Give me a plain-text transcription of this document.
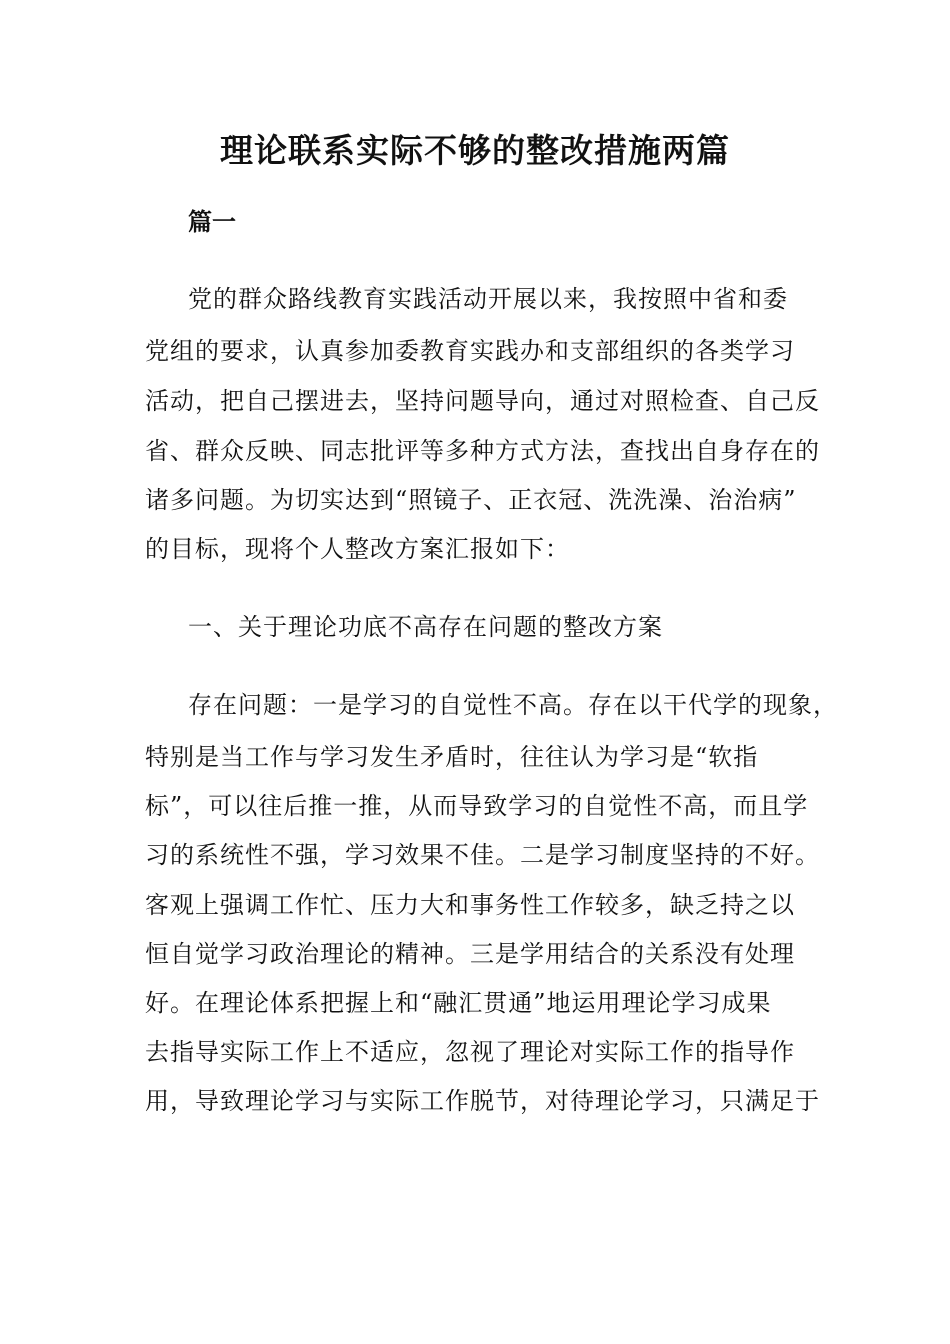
理论联系实际不够的整改措施两篇
篇一
党的群众路线教育实践活动开展以来，我按照中省和委
党组的要求，认真参加委教育实践办和支部组织的各类学习
活动，把自己摆进去，坚持问题导向，通过对照检查、自己反
省、群众反映、同志批评等多种方式方法，查找出自身存在的
诸多问题。为切实达到“照镜子、正衣冠、洗洗澡、治治病”
的目标，现将个人整改方案汇报如下：
一、关于理论功底不高存在问题的整改方案
存在问题：一是学习的自觉性不高。存在以干代学的现象，
特别是当工作与学习发生矛盾时，往往认为学习是“软指
标”，可以往后推一推，从而导致学习的自觉性不高，而且学
习的系统性不强，学习效果不佳。二是学习制度坚持的不好。
客观上强调工作忙、压力大和事务性工作较多，缺乏持之以
恒自觉学习政治理论的精神。三是学用结合的关系没有处理
好。在理论体系把握上和“融汇贯通”地运用理论学习成果
去指导实际工作上不适应，忽视了理论对实际工作的指导作
用，导致理论学习与实际工作脱节，对待理论学习，只满足于
